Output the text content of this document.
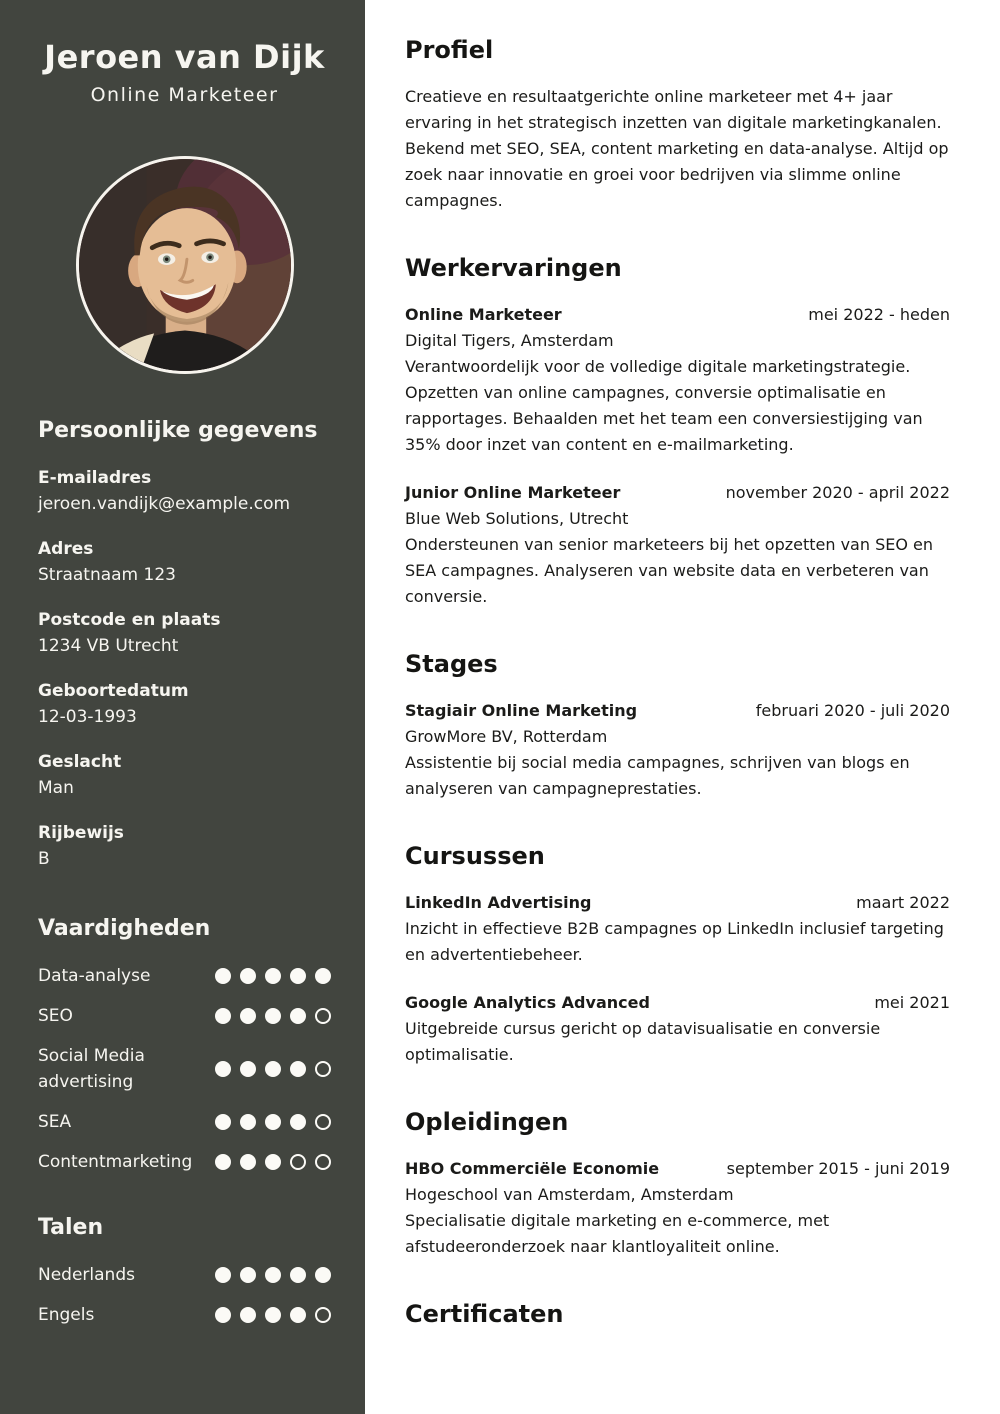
Jeroen van Dijk
Online Marketeer
Persoonlijke gegevens
E-mailadres
jeroen.vandijk@example.com
Adres
Straatnaam 123
Postcode en plaats
1234 VB Utrecht
Geboortedatum
12-03-1993
Geslacht
Man
Rijbewijs
B
Vaardigheden
Data-analyse
SEO
Social Media advertising
SEA
Contentmarketing
Talen
Nederlands
Engels
Profiel

Creatieve en resultaatgerichte online marketeer met 4+ jaar ervaring in het strategisch inzetten van digitale marketingkanalen. Bekend met SEO, SEA, content marketing en data-analyse. Altijd op zoek naar innovatie en groei voor bedrijven via slimme online campagnes.

Werkervaringen
Online Marketeer	mei 2022 - heden
Digital Tigers, Amsterdam
Verantwoordelijk voor de volledige digitale marketingstrategie. Opzetten van online campagnes, conversie optimalisatie en rapportages. Behaalden met het team een conversiestijging van 35% door inzet van content en e-mailmarketing.
Junior Online Marketeer	november 2020 - april 2022
Blue Web Solutions, Utrecht
Ondersteunen van senior marketeers bij het opzetten van SEO en SEA campagnes. Analyseren van website data en verbeteren van conversie.
Stages
Stagiair Online Marketing	februari 2020 - juli 2020
GrowMore BV, Rotterdam
Assistentie bij social media campagnes, schrijven van blogs en analyseren van campagneprestaties.
Cursussen
LinkedIn Advertising	maart 2022
Inzicht in effectieve B2B campagnes op LinkedIn inclusief targeting en advertentiebeheer.
Google Analytics Advanced	mei 2021
Uitgebreide cursus gericht op datavisualisatie en conversie optimalisatie.
Opleidingen
HBO Commerciële Economie	september 2015 - juni 2019
Hogeschool van Amsterdam, Amsterdam
Specialisatie digitale marketing en e-commerce, met afstudeeronderzoek naar klantloyaliteit online.
Certificaten
